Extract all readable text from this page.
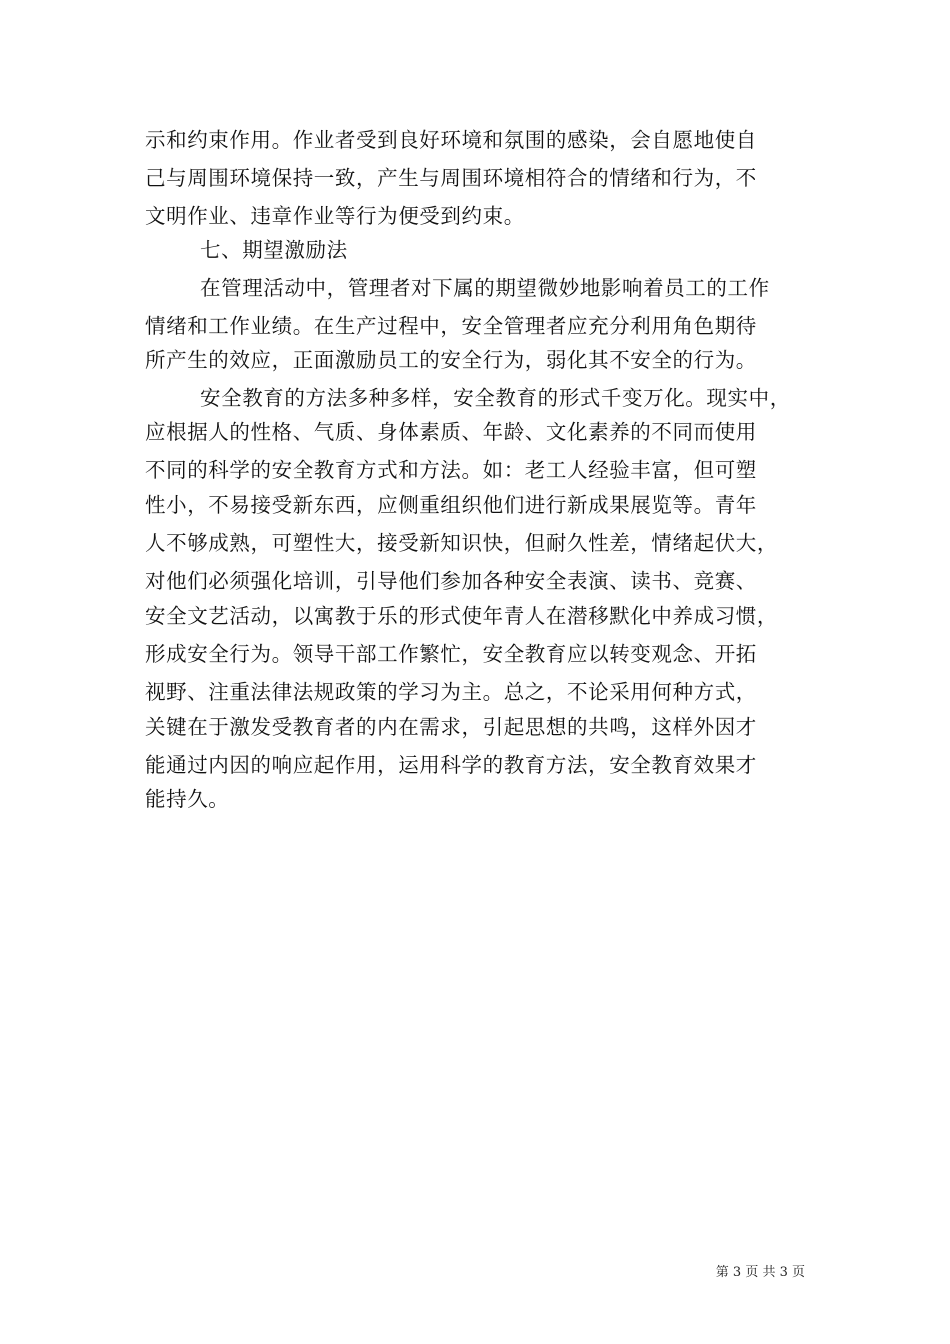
示和约束作用。作业者受到良好环境和氛围的感染，会自愿地使自
己与周围环境保持一致，产生与周围环境相符合的情绪和行为，不
文明作业、违章作业等行为便受到约束。
七、期望激励法
在管理活动中，管理者对下属的期望微妙地影响着员工的工作
情绪和工作业绩。在生产过程中，安全管理者应充分利用角色期待
所产生的效应，正面激励员工的安全行为，弱化其不安全的行为。
安全教育的方法多种多样，安全教育的形式千变万化。现实中，
应根据人的性格、气质、身体素质、年龄、文化素养的不同而使用
不同的科学的安全教育方式和方法。如：老工人经验丰富，但可塑
性小，不易接受新东西，应侧重组织他们进行新成果展览等。青年
人不够成熟，可塑性大，接受新知识快，但耐久性差，情绪起伏大，
对他们必须强化培训，引导他们参加各种安全表演、读书、竞赛、
安全文艺活动，以寓教于乐的形式使年青人在潜移默化中养成习惯，
形成安全行为。领导干部工作繁忙，安全教育应以转变观念、开拓
视野、注重法律法规政策的学习为主。总之，不论采用何种方式，
关键在于激发受教育者的内在需求，引起思想的共鸣，这样外因才
能通过内因的响应起作用，运用科学的教育方法，安全教育效果才
能持久。
第 3 页 共 3 页
